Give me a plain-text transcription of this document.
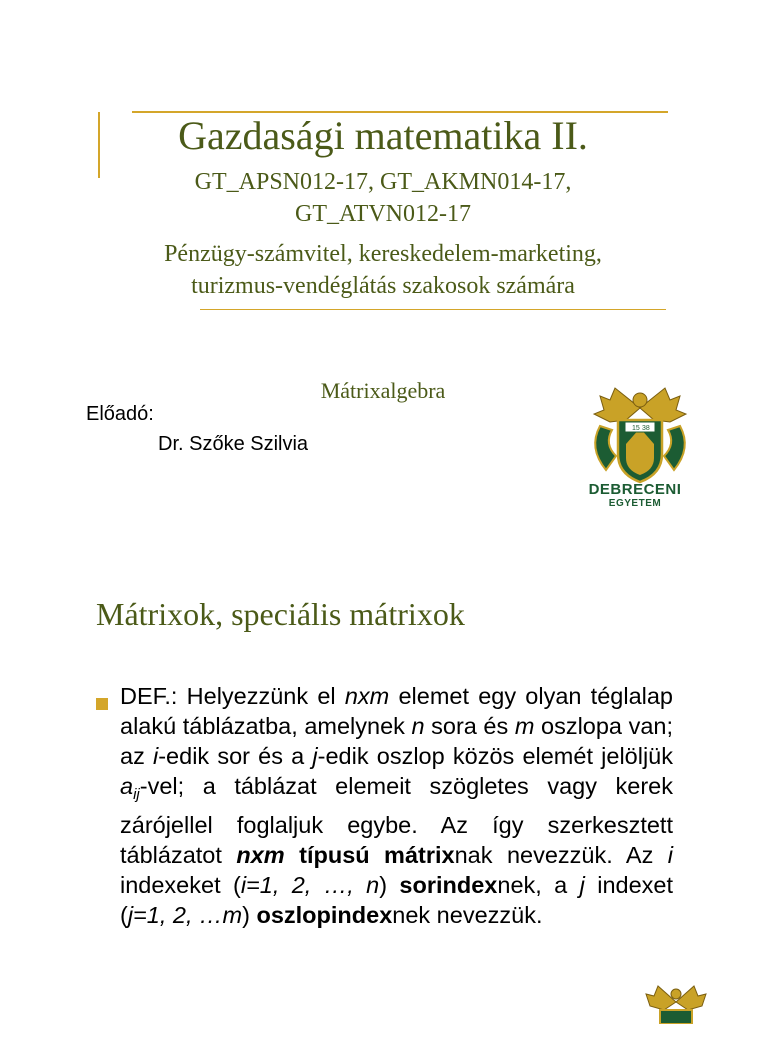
Gazdasági matematika II.
GT_APSN012-17, GT_AKMN014-17,
GT_ATVN012-17
Pénzügy-számvitel, kereskedelem-marketing,
turizmus-vendéglátás szakosok számára
Mátrixalgebra
Előadó:
Dr. Szőke Szilvia
15 38
DEBRECENI
EGYETEM
Mátrixok, speciális mátrixok
DEF.: Helyezzünk el nxm elemet egy olyan téglalap alakú táblázatba, amelynek n sora és m oszlopa van; az i-edik sor és a j-edik oszlop közös elemét jelöljük $a_{ij}$-vel; a táblázat elemeit szögletes vagy kerek zárójellel foglaljuk egybe. Az így szerkesztett táblázatot nxm típusú mátrixnak nevezzük. Az i indexeket (i=1, 2, …, n) sorindexnek, a j indexet (j=1, 2, …m) oszlopindexnek nevezzük.
